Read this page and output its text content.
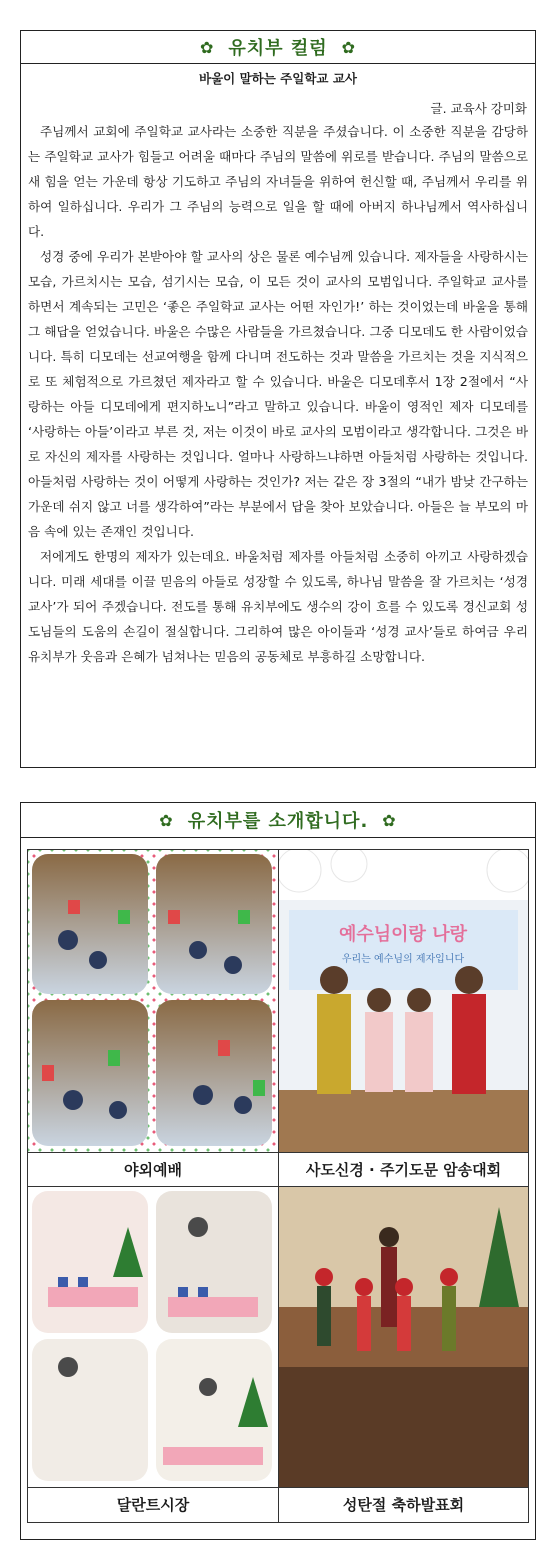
✿ 유치부 컬럼 ✿
바울이 말하는 주일학교 교사
글. 교육사 강미화

주님께서 교회에 주일학교 교사라는 소중한 직분을 주셨습니다. 이 소중한 직분을 감당하는 주일학교 교사가 힘들고 어려울 때마다 주님의 말씀에 위로를 받습니다. 주님의 말씀으로 새 힘을 얻는 가운데 항상 기도하고 주님의 자녀들을 위하여 헌신할 때, 주님께서 우리를 위하여 일하십니다. 우리가 그 주님의 능력으로 일을 할 때에 아버지 하나님께서 역사하십니다.

성경 중에 우리가 본받아야 할 교사의 상은 물론 예수님께 있습니다. 제자들을 사랑하시는 모습, 가르치시는 모습, 섬기시는 모습, 이 모든 것이 교사의 모범입니다. 주일학교 교사를 하면서 계속되는 고민은 ‘좋은 주일학교 교사는 어떤 자인가!’ 하는 것이었는데 바울을 통해 그 해답을 얻었습니다. 바울은 수많은 사람들을 가르쳤습니다. 그중 디모데도 한 사람이었습니다. 특히 디모데는 선교여행을 함께 다니며 전도하는 것과 말씀을 가르치는 것을 지식적으로 또 체험적으로 가르쳤던 제자라고 할 수 있습니다. 바울은 디모데후서 1장 2절에서 “사랑하는 아들 디모데에게 편지하노니”라고 말하고 있습니다. 바울이 영적인 제자 디모데를 ‘사랑하는 아들’이라고 부른 것, 저는 이것이 바로 교사의 모범이라고 생각합니다. 그것은 바로 자신의 제자를 사랑하는 것입니다. 얼마나 사랑하느냐하면 아들처럼 사랑하는 것입니다. 아들처럼 사랑하는 것이 어떻게 사랑하는 것인가? 저는 같은 장 3절의 “내가 밤낮 간구하는 가운데 쉬지 않고 너를 생각하여”라는 부분에서 답을 찾아 보았습니다. 아들은 늘 부모의 마음 속에 있는 존재인 것입니다.

저에게도 한명의 제자가 있는데요. 바울처럼 제자를 아들처럼 소중히 아끼고 사랑하겠습니다. 미래 세대를 이끌 믿음의 아들로 성장할 수 있도록, 하나님 말씀을 잘 가르치는 ‘성경 교사’가 되어 주겠습니다. 전도를 통해 유치부에도 생수의 강이 흐를 수 있도록 경신교회 성도님들의 도움의 손길이 절실합니다. 그리하여 많은 아이들과 ‘성경 교사’들로 하여금 우리 유치부가 웃음과 은혜가 넘쳐나는 믿음의 공동체로 부흥하길 소망합니다.

✿ 유치부를 소개합니다. ✿
야외예배
예수님이랑 나랑
우리는 예수님의 제자입니다
사도신경 · 주기도문 암송대회
달란트시장	성탄절 축하발표회
